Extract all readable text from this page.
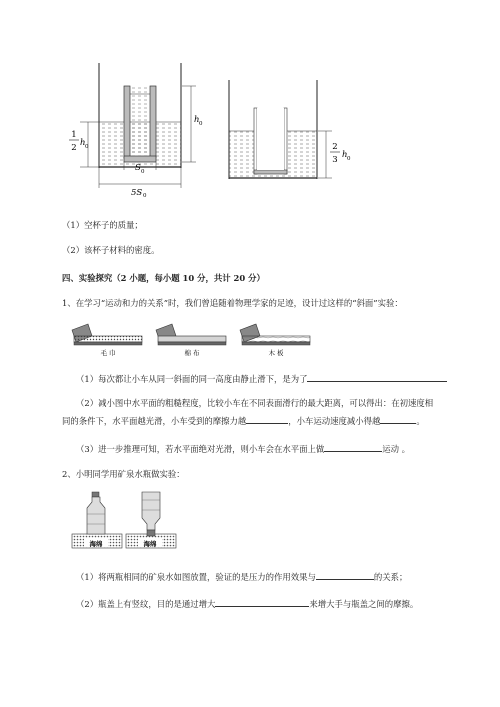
1
2 h 0
h 0
S 0
5S 0
2
3 h 0
（1）空杯子的质量；
（2）该杯子材料的密度。
四、实验探究（2 小题，每小题 10 分，共计 20 分）
1、在学习“运动和力的关系”时，我们曾追随着物理学家的足迹，设计过这样的“斜面”实验：
毛 巾	棉 布	木 板
（1）每次都让小车从同一斜面的同一高度由静止滑下，是为了
（2）减小图中水平面的粗糙程度，比较小车在不同表面滑行的最大距离，可以得出：在初速度相
同的条件下，水平面越光滑，小车受到的摩擦力越	，小车运动速度减小得越	。
（3）进一步推理可知，若水平面绝对光滑，则小车会在水平面上做	运动 。
2、小明同学用矿泉水瓶做实验：
海绵	海绵
（1）将两瓶相同的矿泉水如图放置，验证的是压力的作用效果与	的关系；
（2）瓶盖上有竖纹，目的是通过增大	来增大手与瓶盖之间的摩擦。
